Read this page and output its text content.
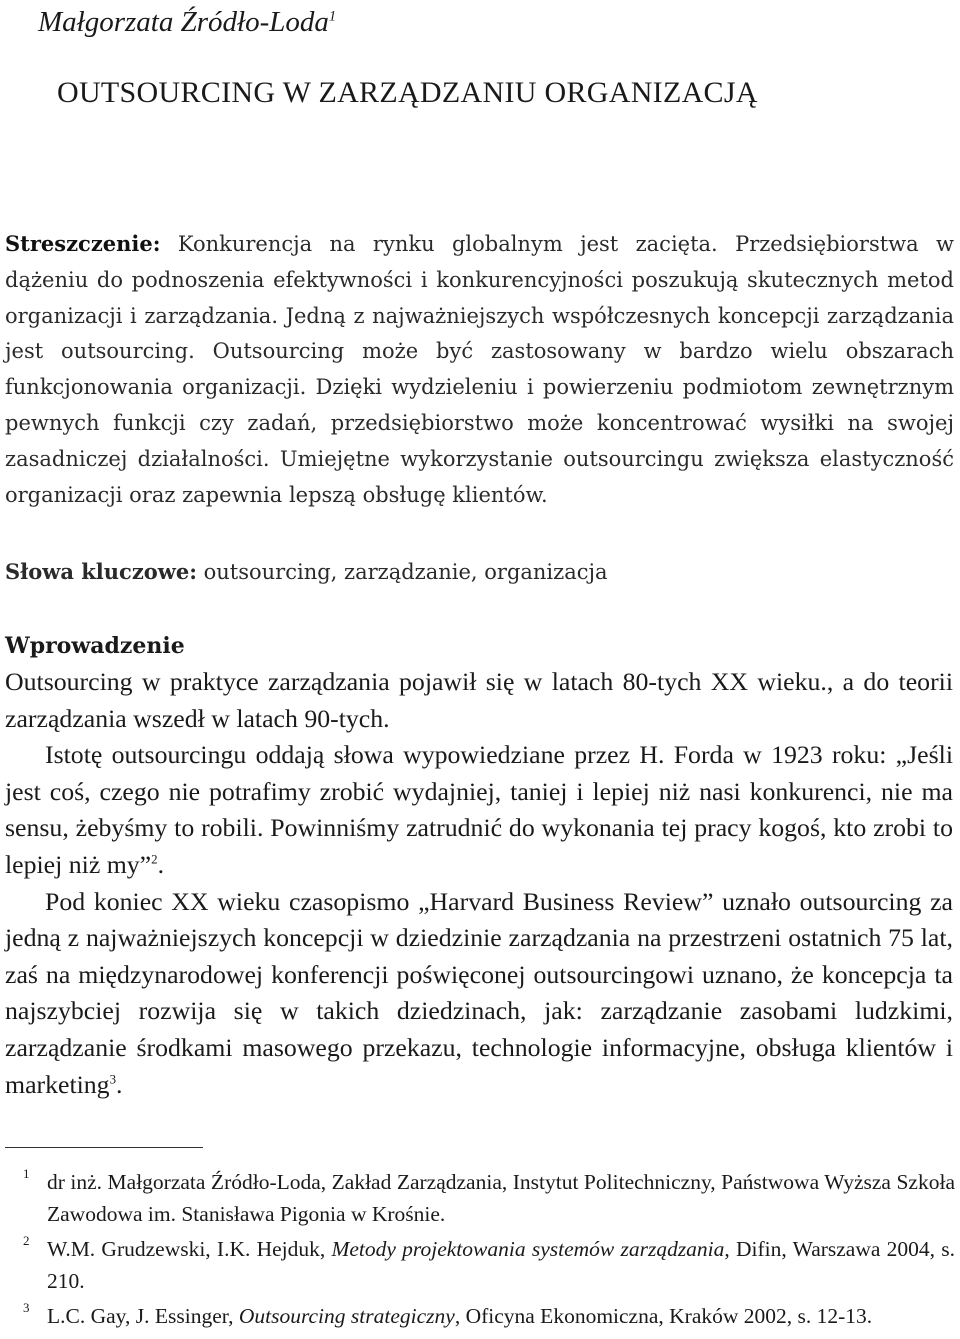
Małgorzata Źródło-Loda$^1$
OUTSOURCING W ZARZĄDZANIU ORGANIZACJĄ

Streszczenie: Konkurencja na rynku globalnym jest zacięta. Przedsiębiorstwa w dążeniu do podnoszenia efektywności i konkurencyjności poszukują skutecznych metod organizacji i zarządzania. Jedną z najważniejszych współczesnych koncepcji zarządzania jest outsourcing. Outsourcing może być zastosowany w bardzo wielu obszarach funkcjonowania organizacji. Dzięki wydzieleniu i powierzeniu podmiotom zewnętrznym pewnych funkcji czy zadań, przedsiębiorstwo może koncentrować wysiłki na swojej zasadniczej działalności. Umiejętne wykorzystanie outsourcingu zwiększa elastyczność organizacji oraz zapewnia lepszą obsługę klientów.

Słowa kluczowe: outsourcing, zarządzanie, organizacja

Wprowadzenie

Outsourcing w praktyce zarządzania pojawił się w latach 80-tych XX wieku., a do teorii zarządzania wszedł w latach 90-tych.

Istotę outsourcingu oddają słowa wypowiedziane przez H. Forda w 1923 roku: „Jeśli jest coś, czego nie potrafimy zrobić wydajniej, taniej i lepiej niż nasi konkurenci, nie ma sensu, żebyśmy to robili. Powinniśmy zatrudnić do wykonania tej pracy kogoś, kto zrobi to lepiej niż my”$^2$.

Pod koniec XX wieku czasopismo „Harvard Business Review” uznało outsourcing za jedną z najważniejszych koncepcji w dziedzinie zarządzania na przestrzeni ostatnich 75 lat, zaś na międzynarodowej konferencji poświęconej outsourcingowi uznano, że koncepcja ta najszybciej rozwija się w takich dziedzinach, jak: zarządzanie zasobami ludzkimi, zarządzanie środkami masowego przekazu, technologie informacyjne, obsługa klientów i marketing$^3$.

1 dr inż. Małgorzata Źródło-Loda, Zakład Zarządzania, Instytut Politechniczny, Państwowa Wyższa Szkoła Zawodowa im. Stanisława Pigonia w Krośnie.

2 W.M. Grudzewski, I.K. Hejduk, Metody projektowania systemów zarządzania, Difin, Warszawa 2004, s. 210.

3 L.C. Gay, J. Essinger, Outsourcing strategiczny, Oficyna Ekonomiczna, Kraków 2002, s. 12-13.
